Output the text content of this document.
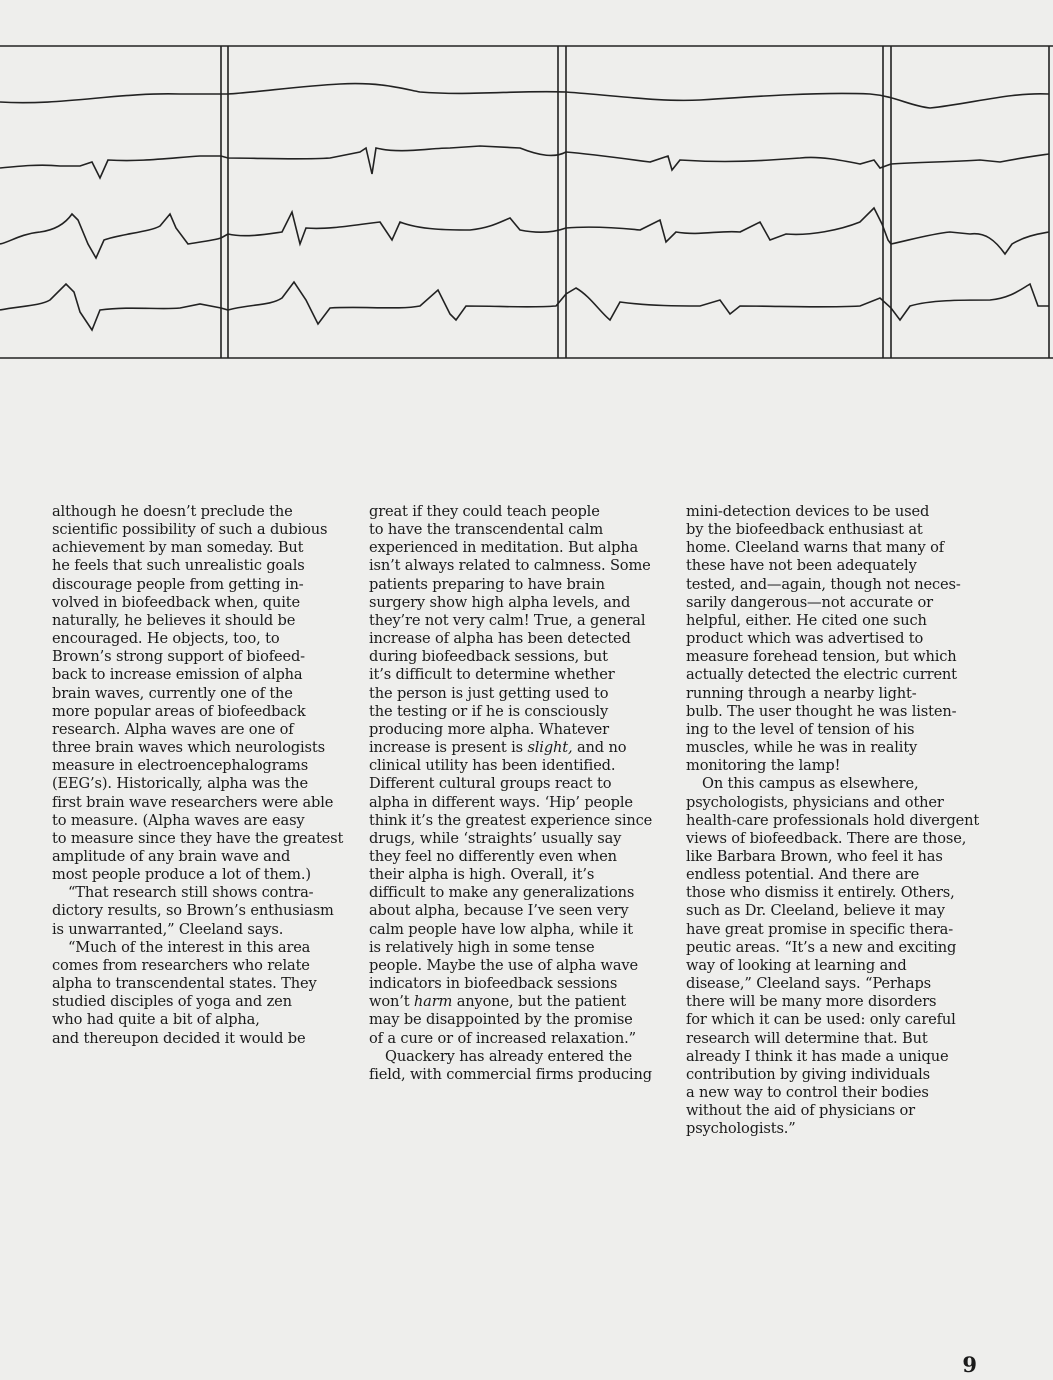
although he doesn’t preclude the
scientific possibility of such a dubious
achievement by man someday. But
he feels that such unrealistic goals
discourage people from getting in-
volved in biofeedback when, quite
naturally, he believes it should be
encouraged. He objects, too, to
Brown’s strong support of biofeed-
back to increase emission of alpha
brain waves, currently one of the
more popular areas of biofeedback
research. Alpha waves are one of
three brain waves which neurologists
measure in electroencephalograms
(EEG’s). Historically, alpha was the
first brain wave researchers were able
to measure. (Alpha waves are easy
to measure since they have the greatest
amplitude of any brain wave and
most people produce a lot of them.)
“That research still shows contra-
dictory results, so Brown’s enthusiasm
is unwarranted,” Cleeland says.
“Much of the interest in this area
comes from researchers who relate
alpha to transcendental states. They
studied disciples of yoga and zen
who had quite a bit of alpha,
and thereupon decided it would be
great if they could teach people
to have the transcendental calm
experienced in meditation. But alpha
isn’t always related to calmness. Some
patients preparing to have brain
surgery show high alpha levels, and
they’re not very calm! True, a general
increase of alpha has been detected
during biofeedback sessions, but
it’s difficult to determine whether
the person is just getting used to
the testing or if he is consciously
producing more alpha. Whatever
increase is present is slight, and no
clinical utility has been identified.
Different cultural groups react to
alpha in different ways. ‘Hip’ people
think it’s the greatest experience since
drugs, while ‘straights’ usually say
they feel no differently even when
their alpha is high. Overall, it’s
difficult to make any generalizations
about alpha, because I’ve seen very
calm people have low alpha, while it
is relatively high in some tense
people. Maybe the use of alpha wave
indicators in biofeedback sessions
won’t harm anyone, but the patient
may be disappointed by the promise
of a cure or of increased relaxation.”
Quackery has already entered the
field, with commercial firms producing
mini-detection devices to be used
by the biofeedback enthusiast at
home. Cleeland warns that many of
these have not been adequately
tested, and—again, though not neces-
sarily dangerous—not accurate or
helpful, either. He cited one such
product which was advertised to
measure forehead tension, but which
actually detected the electric current
running through a nearby light-
bulb. The user thought he was listen-
ing to the level of tension of his
muscles, while he was in reality
monitoring the lamp!
On this campus as elsewhere,
psychologists, physicians and other
health-care professionals hold divergent
views of biofeedback. There are those,
like Barbara Brown, who feel it has
endless potential. And there are
those who dismiss it entirely. Others,
such as Dr. Cleeland, believe it may
have great promise in specific thera-
peutic areas. “It’s a new and exciting
way of looking at learning and
disease,” Cleeland says. “Perhaps
there will be many more disorders
for which it can be used: only careful
research will determine that. But
already I think it has made a unique
contribution by giving individuals
a new way to control their bodies
without the aid of physicians or
psychologists.”
9
